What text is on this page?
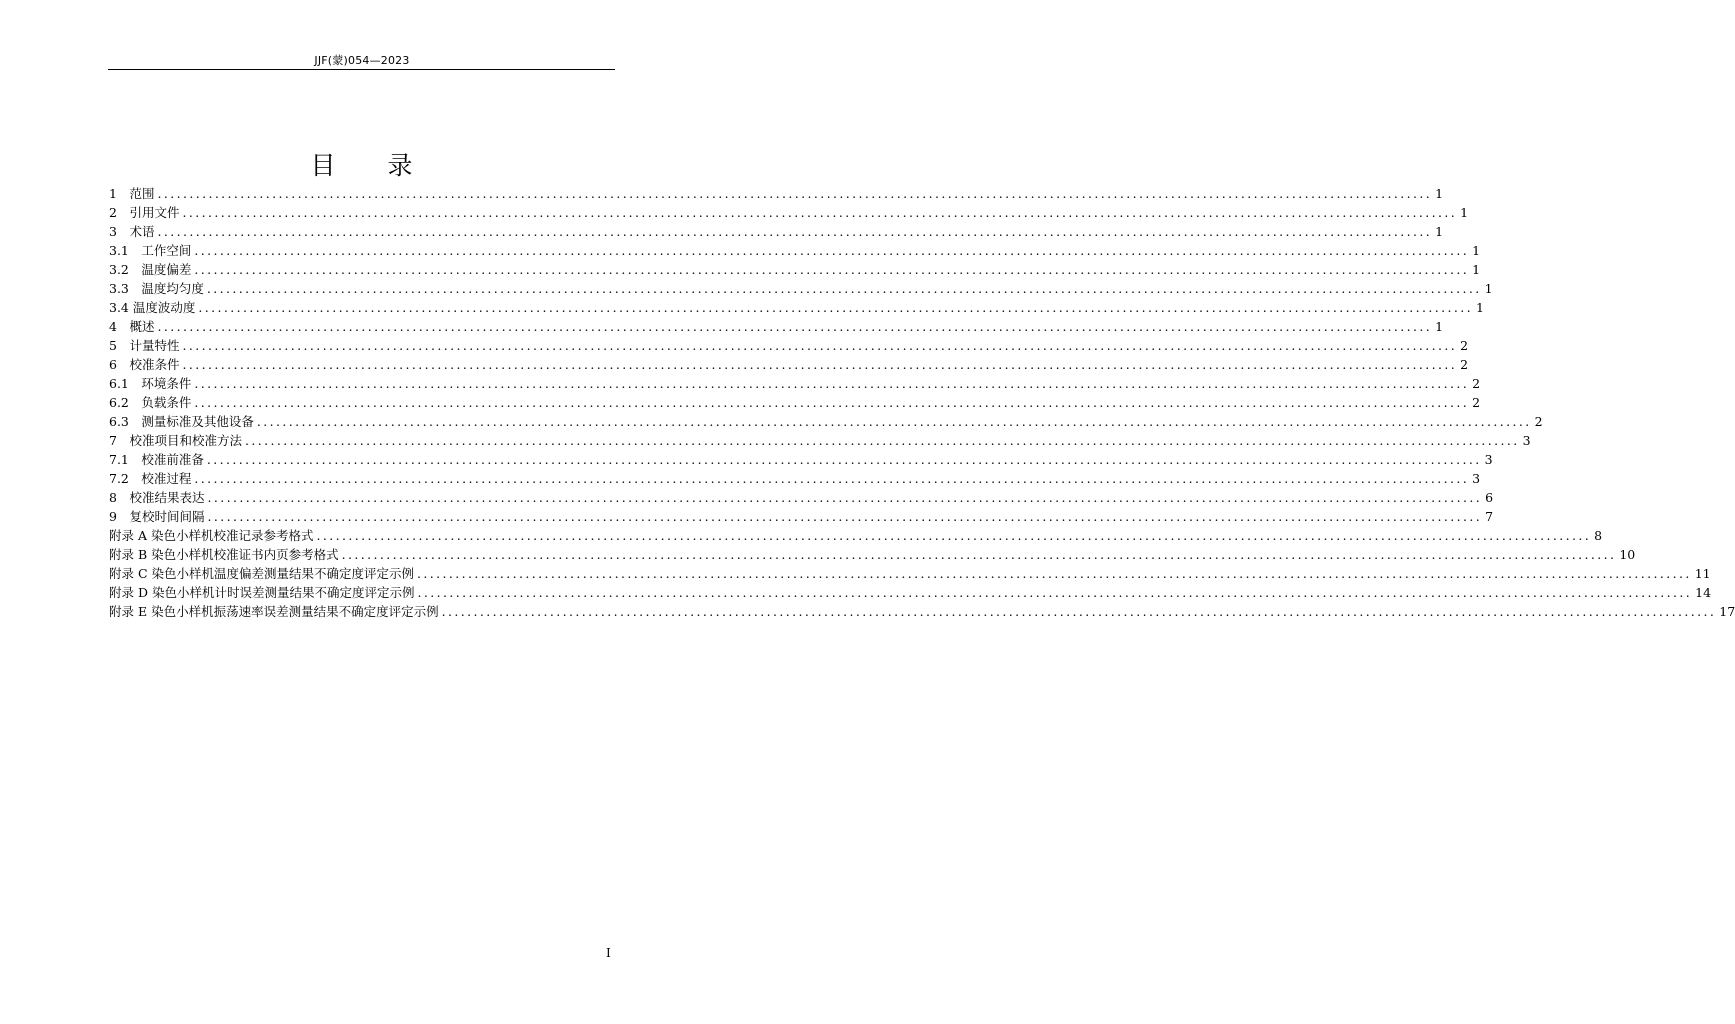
JJF(蒙)054—2023
目 录
1　范围 ........................................................................................................................................................................................................ 1
2　引用文件 ........................................................................................................................................................................................................ 1
3　术语 ........................................................................................................................................................................................................ 1
3.1　工作空间 ........................................................................................................................................................................................................ 1
3.2　温度偏差 ........................................................................................................................................................................................................ 1
3.3　温度均匀度 ........................................................................................................................................................................................................ 1
3.4 温度波动度 ........................................................................................................................................................................................................ 1
4　概述 ........................................................................................................................................................................................................ 1
5　计量特性 ........................................................................................................................................................................................................ 2
6　校准条件 ........................................................................................................................................................................................................ 2
6.1　环境条件 ........................................................................................................................................................................................................ 2
6.2　负载条件 ........................................................................................................................................................................................................ 2
6.3　测量标准及其他设备 ........................................................................................................................................................................................................ 2
7　校准项目和校准方法 ........................................................................................................................................................................................................ 3
7.1　校准前准备 ........................................................................................................................................................................................................ 3
7.2　校准过程 ........................................................................................................................................................................................................ 3
8　校准结果表达 ........................................................................................................................................................................................................ 6
9　复校时间间隔 ........................................................................................................................................................................................................ 7
附录 A 染色小样机校准记录参考格式 ........................................................................................................................................................................................................ 8
附录 B 染色小样机校准证书内页参考格式 ........................................................................................................................................................................................................ 10
附录 C 染色小样机温度偏差测量结果不确定度评定示例 ........................................................................................................................................................................................................ 11
附录 D 染色小样机计时误差测量结果不确定度评定示例 ........................................................................................................................................................................................................ 14
附录 E 染色小样机振荡速率误差测量结果不确定度评定示例 ........................................................................................................................................................................................................ 17
I
